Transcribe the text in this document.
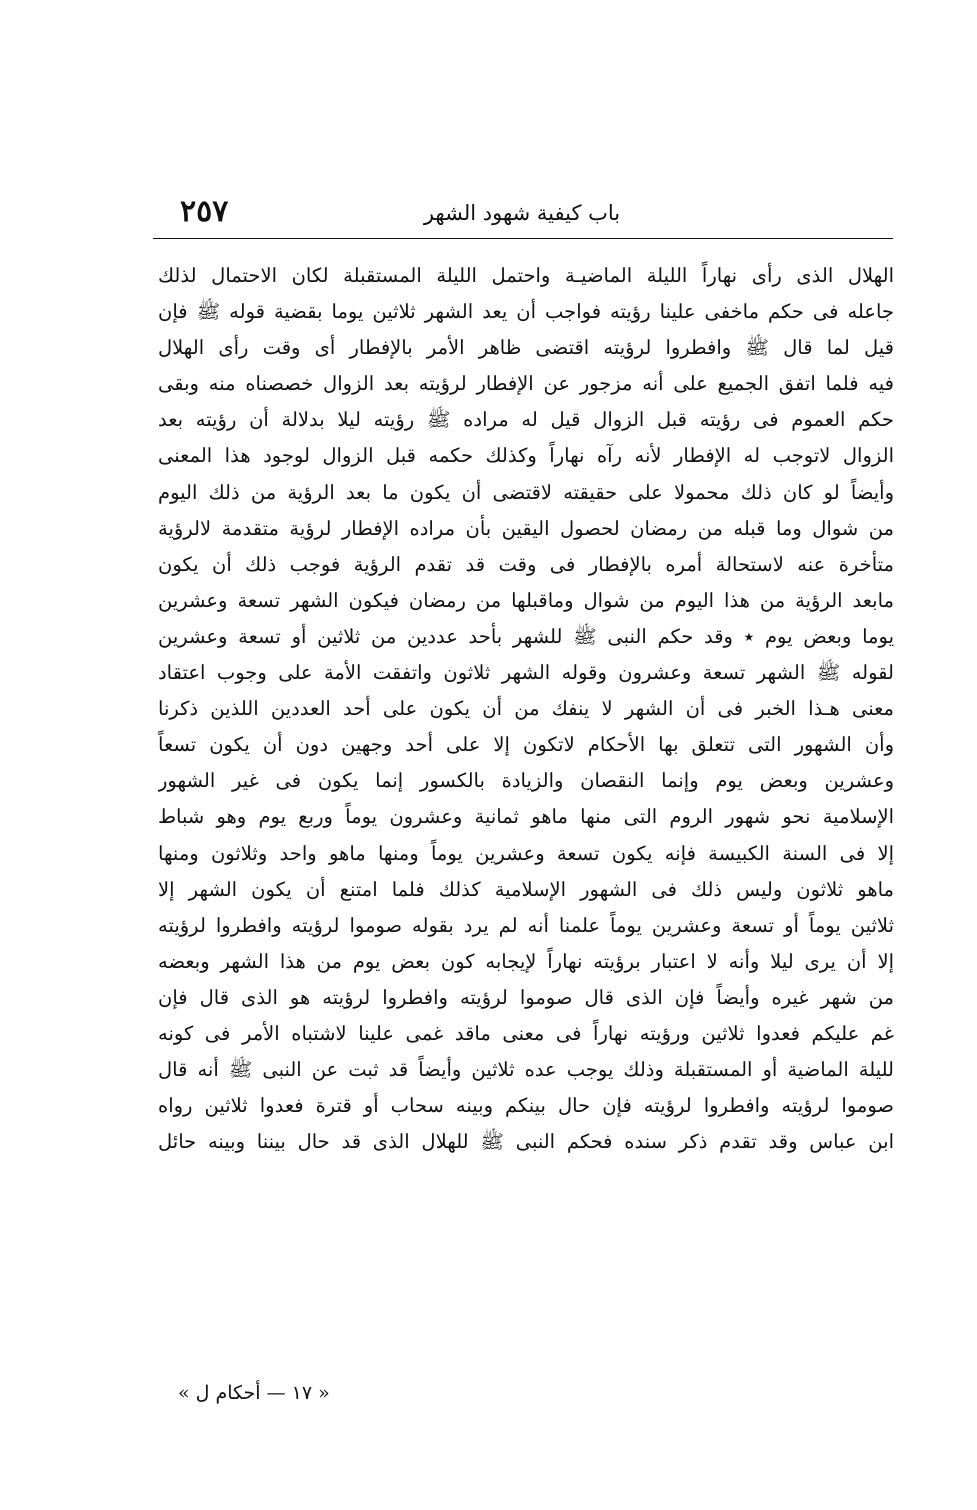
٢٥٧	باب كيفية شهود الشهر
الهلال الذى رأى نهاراً الليلة الماضيـة واحتمل الليلة المستقبلة لكان الاحتمال لذلك
جاعله فى حكم ماخفى علينا رؤيته فواجب أن يعد الشهر ثلاثين يوما بقضية قوله ﷺ فإن
قيل لما قال ﷺ وافطروا لرؤيته اقتضى ظاهر الأمر بالإفطار أى وقت رأى الهلال
فيه فلما اتفق الجميع على أنه مزجور عن الإفطار لرؤيته بعد الزوال خصصناه منه وبقى
حكم العموم فى رؤيته قبل الزوال قيل له مراده ﷺ رؤيته ليلا بدلالة أن رؤيته بعد
الزوال لاتوجب له الإفطار لأنه رآه نهاراً وكذلك حكمه قبل الزوال لوجود هذا المعنى
وأيضاً لو كان ذلك محمولا على حقيقته لاقتضى أن يكون ما بعد الرؤية من ذلك اليوم
من شوال وما قبله من رمضان لحصول اليقين بأن مراده الإفطار لرؤية متقدمة لالرؤية
متأخرة عنه لاستحالة أمره بالإفطار فى وقت قد تقدم الرؤية فوجب ذلك أن يكون
مابعد الرؤية من هذا اليوم من شوال وماقبلها من رمضان فيكون الشهر تسعة وعشرين
يوما وبعض يوم ٭ وقد حكم النبى ﷺ للشهر بأحد عددين من ثلاثين أو تسعة وعشرين
لقوله ﷺ الشهر تسعة وعشرون وقوله الشهر ثلاثون واتفقت الأمة على وجوب اعتقاد
معنى هـذا الخبر فى أن الشهر لا ينفك من أن يكون على أحد العددين اللذين ذكرنا
وأن الشهور التى تتعلق بها الأحكام لاتكون إلا على أحد وجهين دون أن يكون تسعاً
وعشرين وبعض يوم وإنما النقصان والزيادة بالكسور إنما يكون فى غير الشهور
الإسلامية نحو شهور الروم التى منها ماهو ثمانية وعشرون يوماً وربع يوم وهو شباط
إلا فى السنة الكبيسة فإنه يكون تسعة وعشرين يوماً ومنها ماهو واحد وثلاثون ومنها
ماهو ثلاثون وليس ذلك فى الشهور الإسلامية كذلك فلما امتنع أن يكون الشهر إلا
ثلاثين يوماً أو تسعة وعشرين يوماً علمنا أنه لم يرد بقوله صوموا لرؤيته وافطروا لرؤيته
إلا أن يرى ليلا وأنه لا اعتبار برؤيته نهاراً لإيجابه كون بعض يوم من هذا الشهر وبعضه
من شهر غيره وأيضاً فإن الذى قال صوموا لرؤيته وافطروا لرؤيته هو الذى قال فإن
غم عليكم فعدوا ثلاثين ورؤيته نهاراً فى معنى ماقد غمى علينا لاشتباه الأمر فى كونه
لليلة الماضية أو المستقبلة وذلك يوجب عده ثلاثين وأيضاً قد ثبت عن النبى ﷺ أنه قال
صوموا لرؤيته وافطروا لرؤيته فإن حال بينكم وبينه سحاب أو قترة فعدوا ثلاثين رواه
ابن عباس وقد تقدم ذكر سنده فحكم النبى ﷺ للهلال الذى قد حال بيننا وبينه حائل
« ١٧ — أحكام ل »
